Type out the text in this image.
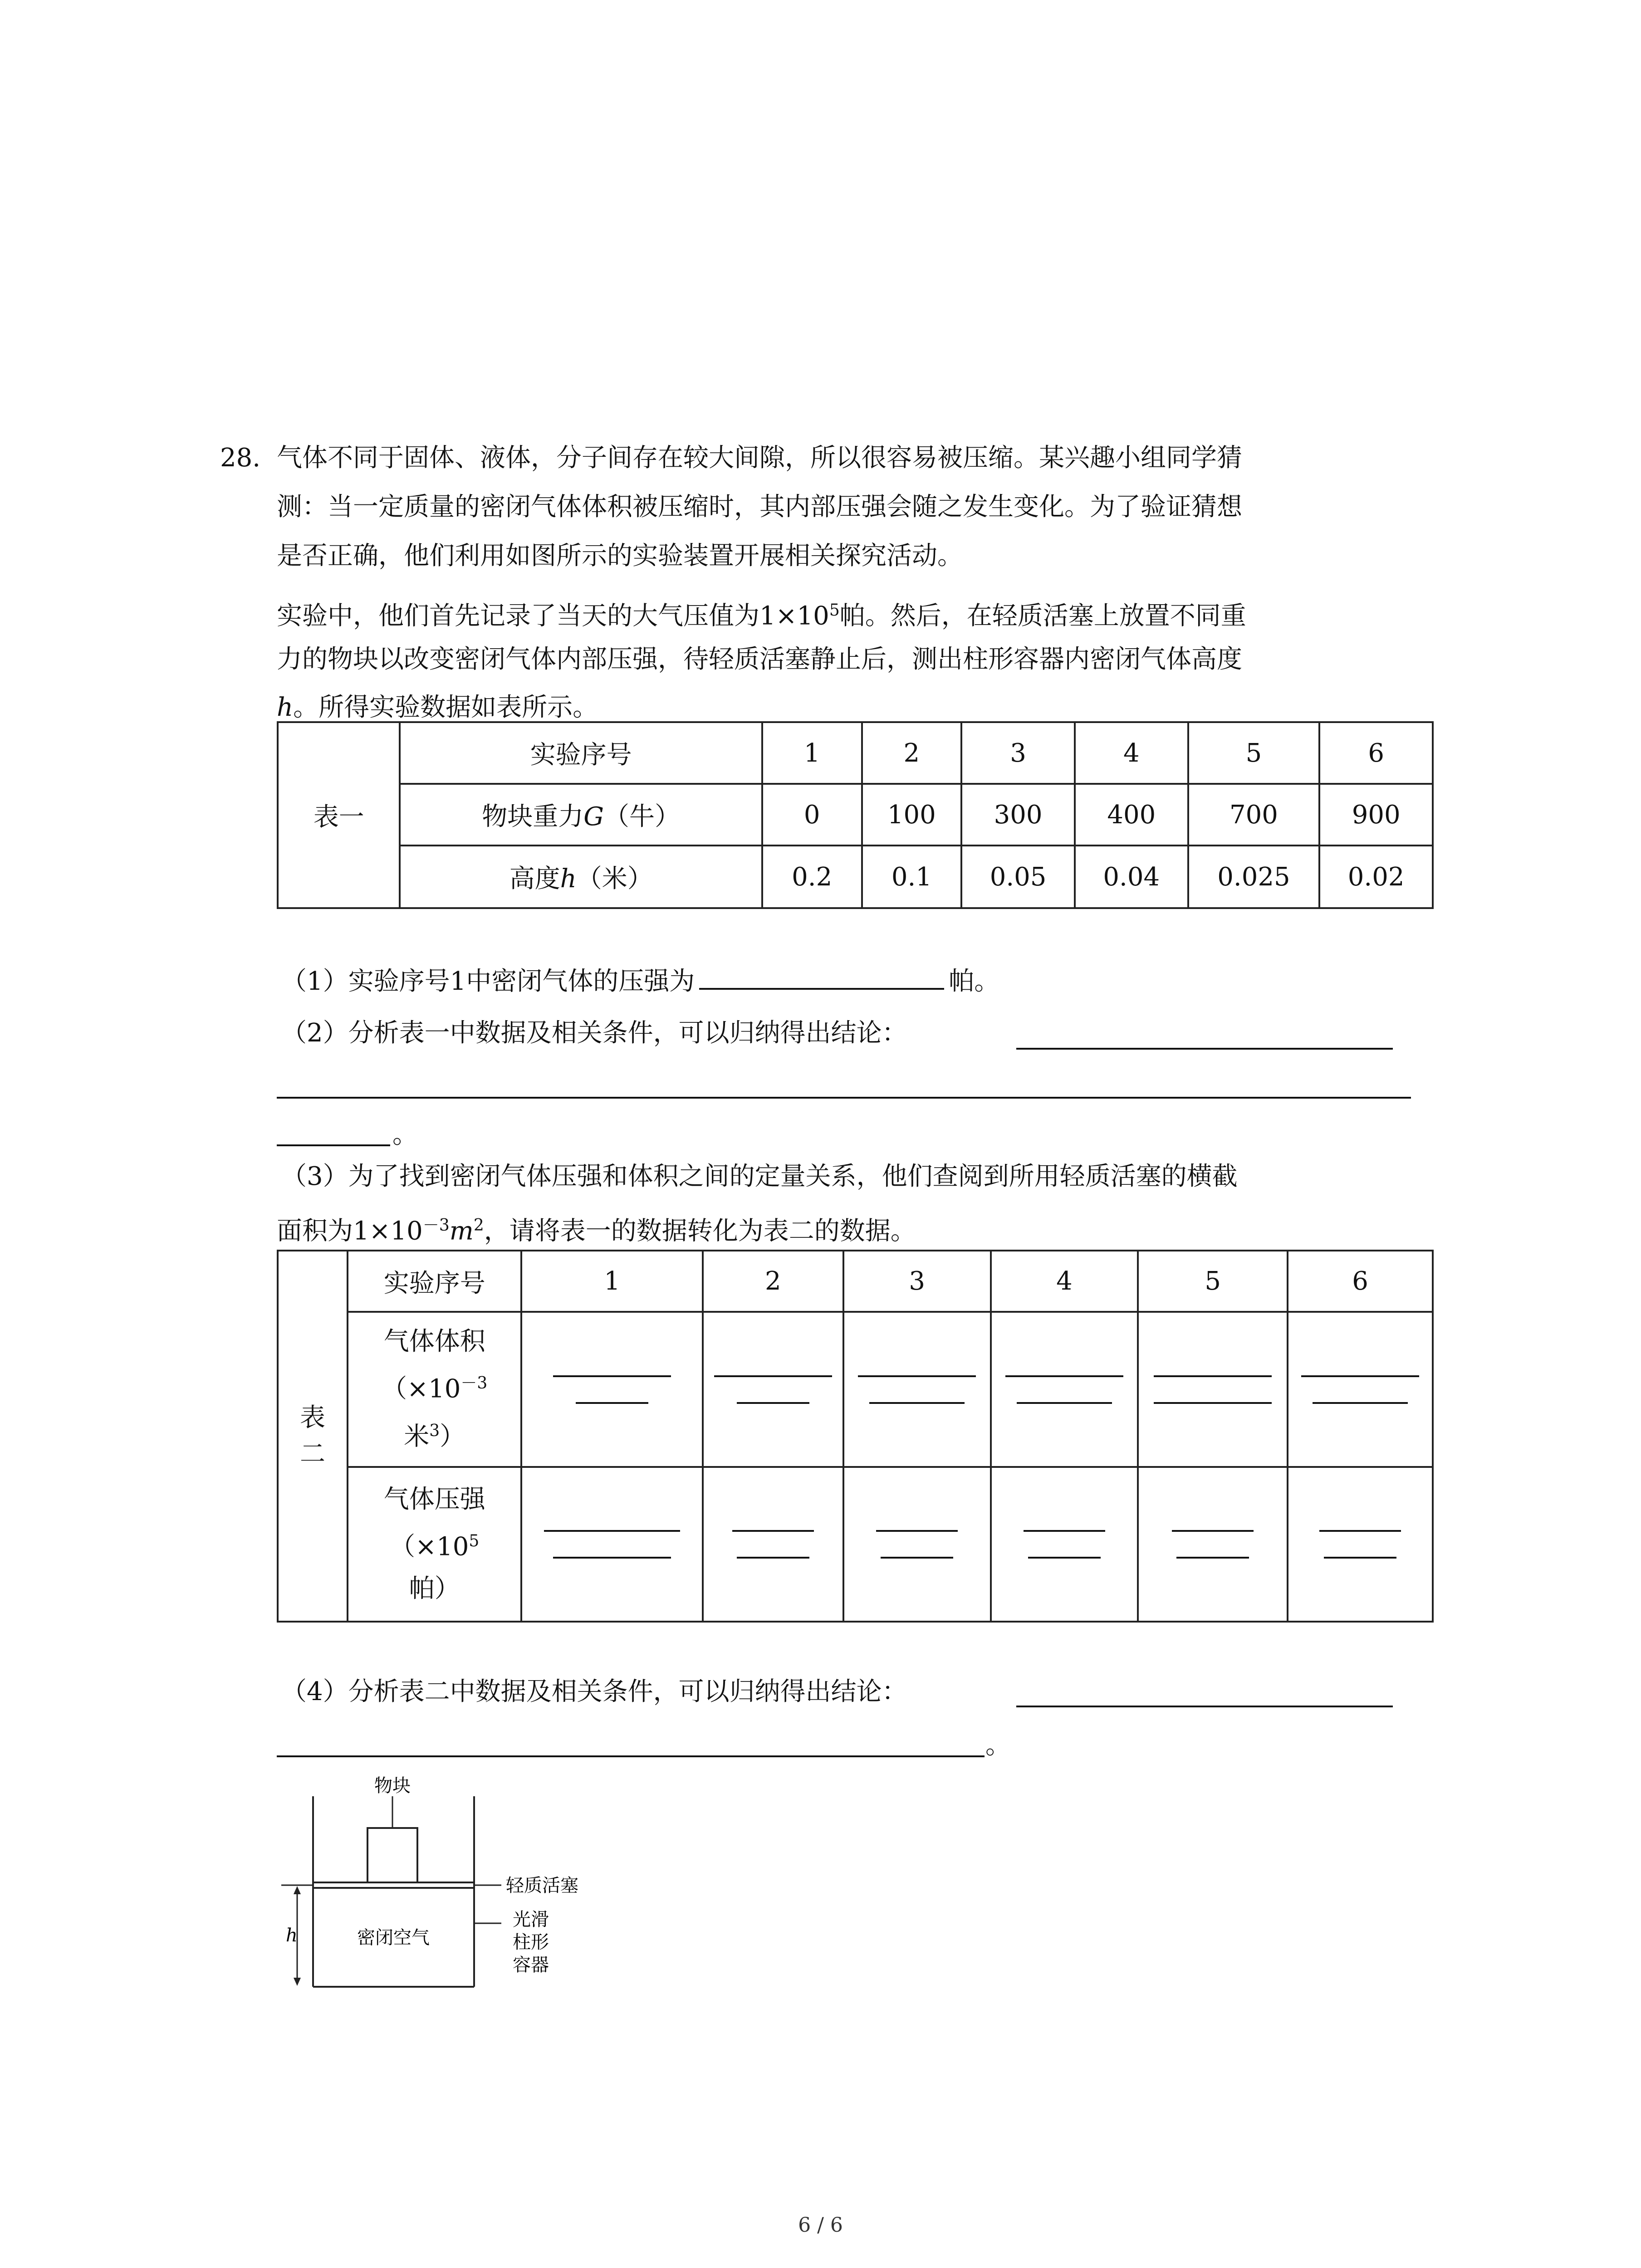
28. 气体不同于固体、液体，分子间存在较大间隙，所以很容易被压缩。某兴趣小组同学猜
测：当一定质量的密闭气体体积被压缩时，其内部压强会随之发生变化。为了验证猜想
是否正确，他们利用如图所示的实验装置开展相关探究活动。
实验中，他们首先记录了当天的大气压值为$1\times 10^5$帕。然后，在轻质活塞上放置不同重
力的物块以改变密闭气体内部压强，待轻质活塞静止后，测出柱形容器内密闭气体高度
h。所得实验数据如表所示。
表一	实验序号	1	2	3	4	5	6
	物块重力G（牛）	0	100	300	400	700	900
	高度h（米）	0.2	0.1	0.05	0.04	0.025	0.02
（1）实验序号1中密闭气体的压强为	帕。
（2）分析表一中数据及相关条件，可以归纳得出结论：
。
（3）为了找到密闭气体压强和体积之间的定量关系，他们查阅到所用轻质活塞的横截
面积为$1\times 10^{-3}m^2$，请将表一的数据转化为表二的数据。
表
二	实验序号	1	2	3	4	5	6
	气体体积
（$\times 10^{-3}$
米$^3$）	

	气体压强
（$\times 10^5$
帕）	

（4）分析表二中数据及相关条件，可以归纳得出结论：
。
物块
轻质活塞
密闭空气
光滑
柱形
容器
h
6 / 6
